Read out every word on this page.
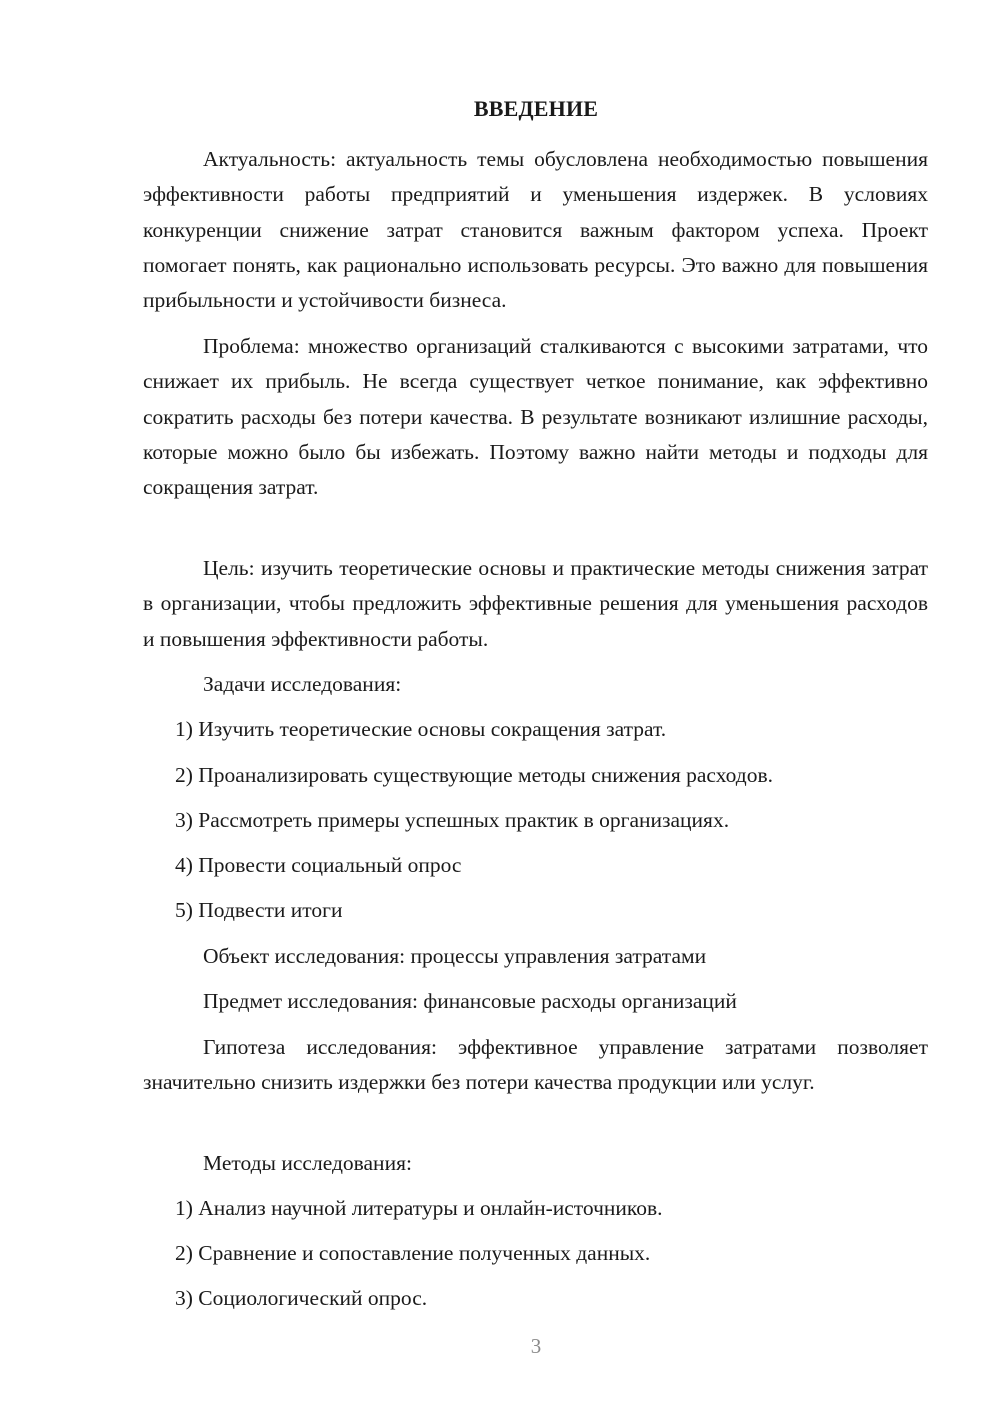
ВВЕДЕНИЕ

Актуальность: актуальность темы обусловлена необходимостью повышения эффективности работы предприятий и уменьшения издержек. В условиях конкуренции снижение затрат становится важным фактором успеха. Проект помогает понять, как рационально использовать ресурсы. Это важно для повышения прибыльности и устойчивости бизнеса.

Проблема: множество организаций сталкиваются с высокими затратами, что снижает их прибыль. Не всегда существует четкое понимание, как эффективно сократить расходы без потери качества. В результате возникают излишние расходы, которые можно было бы избежать. Поэтому важно найти методы и подходы для сокращения затрат.

Цель: изучить теоретические основы и практические методы снижения затрат в организации, чтобы предложить эффективные решения для уменьшения расходов и повышения эффективности работы.

Задачи исследования:

1) Изучить теоретические основы сокращения затрат.

2) Проанализировать существующие методы снижения расходов.

3) Рассмотреть примеры успешных практик в организациях.

4) Провести социальный опрос

5) Подвести итоги

Объект исследования: процессы управления затратами

Предмет исследования: финансовые расходы организаций

Гипотеза исследования: эффективное управление затратами позволяет значительно снизить издержки без потери качества продукции или услуг.

Методы исследования:

1) Анализ научной литературы и онлайн-источников.

2) Сравнение и сопоставление полученных данных.

3) Социологический опрос.

3
